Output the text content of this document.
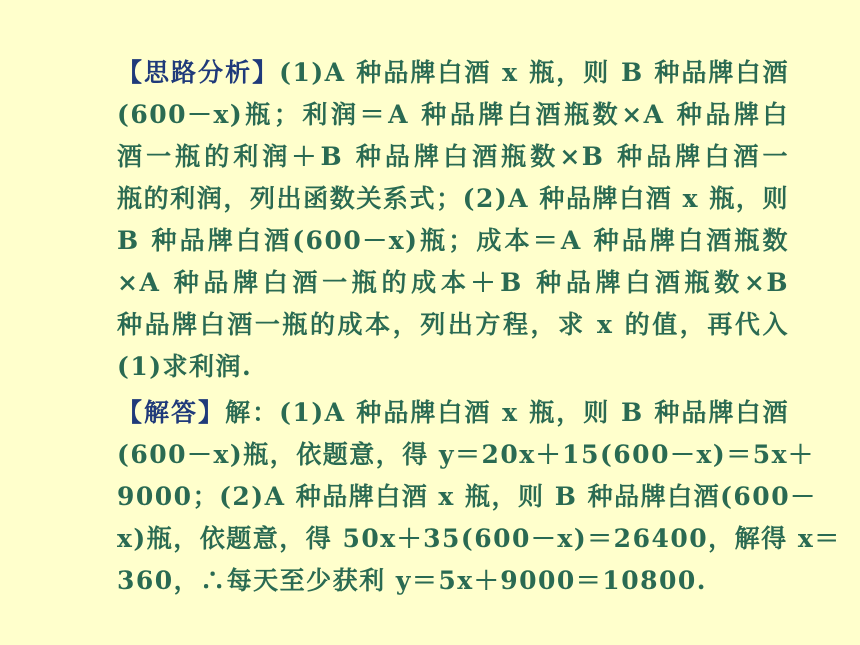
【思路分析】(1)A 种品牌白酒 x 瓶，则 B 种品牌白酒
(600－x)瓶；利润＝A 种品牌白酒瓶数×A 种品牌白
酒一瓶的利润＋B 种品牌白酒瓶数×B 种品牌白酒一
瓶的利润，列出函数关系式；(2)A 种品牌白酒 x 瓶，则
B 种品牌白酒(600－x)瓶；成本＝A 种品牌白酒瓶数
×A 种品牌白酒一瓶的成本＋B 种品牌白酒瓶数×B
种品牌白酒一瓶的成本，列出方程，求 x 的值，再代入
(1)求利润.
【解答】解：(1)A 种品牌白酒 x 瓶，则 B 种品牌白酒
(600－x)瓶，依题意，得 y＝20x＋15(600－x)＝5x＋
9000；(2)A 种品牌白酒 x 瓶，则 B 种品牌白酒(600－
x)瓶，依题意，得 50x＋35(600－x)＝26400，解得 x＝
360，∴每天至少获利 y＝5x＋9000＝10800.
